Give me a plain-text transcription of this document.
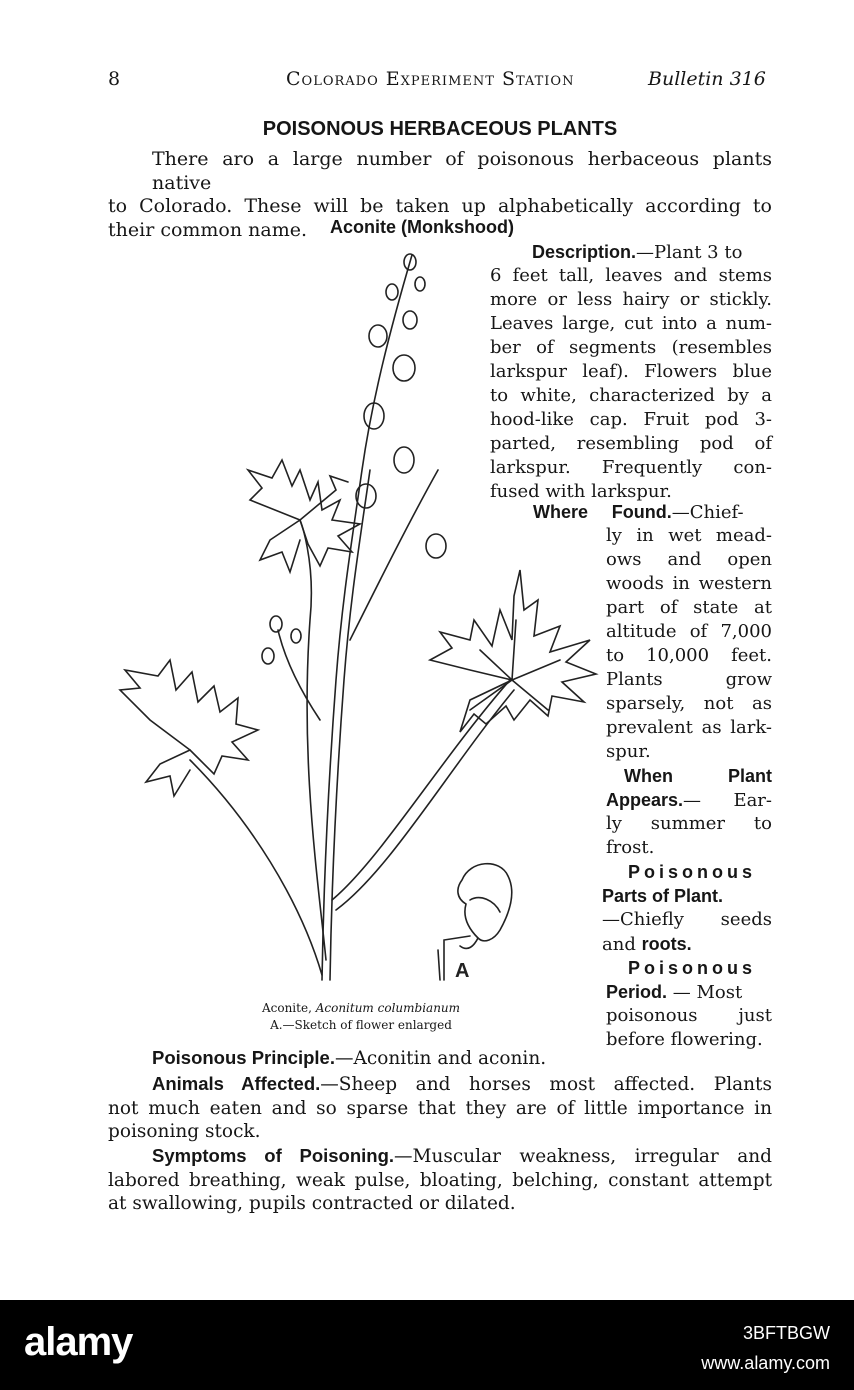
8	Colorado Experiment Station	Bulletin 316
POISONOUS HERBACEOUS PLANTS
There aro a large number of poisonous herbaceous plants native
to Colorado. These will be taken up alphabetically according to
their common name.	Aconite (Monkshood)
Description.—Plant 3 to
6 feet tall, leaves and stems
more or less hairy or stickly.
Leaves large, cut into a num-
ber of segments (resembles
larkspur leaf). Flowers blue
to white, characterized by a
hood-like cap. Fruit pod 3-
parted, resembling pod of
larkspur. Frequently con-
fused with larkspur.
Where Found.—Chief-
ly in wet mead-
ows and open
woods in western
part of state at
altitude of 7,000
to 10,000 feet.
Plants grow
sparsely, not as
prevalent as lark-
spur.
When Plant
Appears.— Ear-
ly summer to
frost.
Poisonous
Parts of Plant.
—Chiefly seeds
and roots.
Poisonous
Period. — Most
poisonous just
before flowering.
A
Aconite, Aconitum columbianum
A.—Sketch of flower enlarged
Poisonous Principle.—Aconitin and aconin.
Animals Affected.—Sheep and horses most affected. Plants
not much eaten and so sparse that they are of little importance in
poisoning stock.
Symptoms of Poisoning.—Muscular weakness, irregular and
labored breathing, weak pulse, bloating, belching, constant attempt
at swallowing, pupils contracted or dilated.
alamy	3BFTBGW
www.alamy.com
